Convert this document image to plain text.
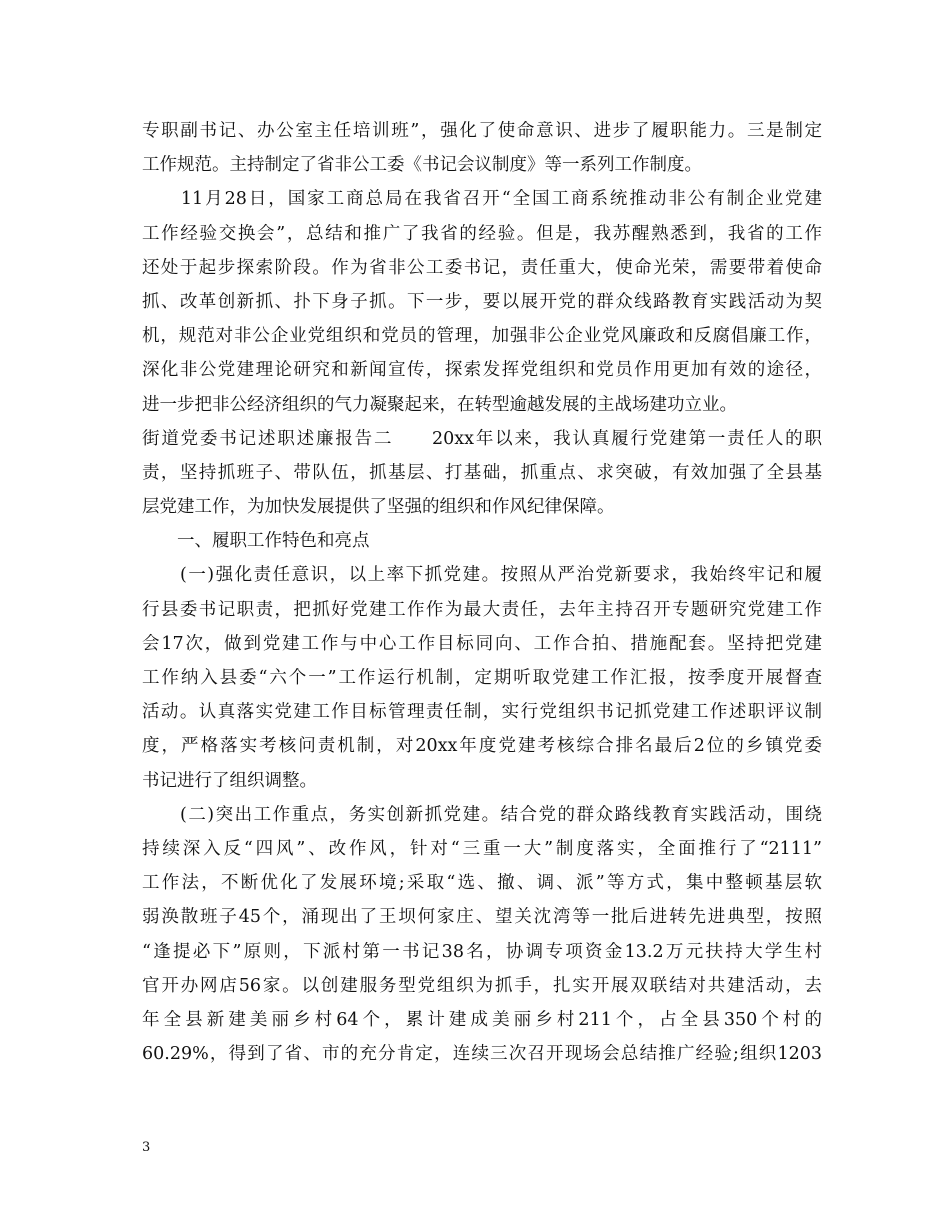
专职副书记、办公室主任培训班”，强化了使命意识、进步了履职能力。三是制定
工作规范。主持制定了省非公工委《书记会议制度》等一系列工作制度。
　　11月28日，国家工商总局在我省召开“全国工商系统推动非公有制企业党建
工作经验交换会”，总结和推广了我省的经验。但是，我苏醒熟悉到，我省的工作
还处于起步探索阶段。作为省非公工委书记，责任重大，使命光荣，需要带着使命
抓、改革创新抓、扑下身子抓。下一步，要以展开党的群众线路教育实践活动为契
机，规范对非公企业党组织和党员的管理，加强非公企业党风廉政和反腐倡廉工作，
深化非公党建理论研究和新闻宣传，探索发挥党组织和党员作用更加有效的途径，
进一步把非公经济组织的气力凝聚起来，在转型逾越发展的主战场建功立业。
街道党委书记述职述廉报告二　　20xx年以来，我认真履行党建第一责任人的职
责，坚持抓班子、带队伍，抓基层、打基础，抓重点、求突破，有效加强了全县基
层党建工作，为加快发展提供了坚强的组织和作风纪律保障。
　　一、履职工作特色和亮点
　　(一)强化责任意识，以上率下抓党建。按照从严治党新要求，我始终牢记和履
行县委书记职责，把抓好党建工作作为最大责任，去年主持召开专题研究党建工作
会17次，做到党建工作与中心工作目标同向、工作合拍、措施配套。坚持把党建
工作纳入县委“六个一”工作运行机制，定期听取党建工作汇报，按季度开展督查
活动。认真落实党建工作目标管理责任制，实行党组织书记抓党建工作述职评议制
度，严格落实考核问责机制，对20xx年度党建考核综合排名最后2位的乡镇党委
书记进行了组织调整。
　　(二)突出工作重点，务实创新抓党建。结合党的群众路线教育实践活动，围绕
持续深入反“四风”、改作风，针对“三重一大”制度落实，全面推行了“2111”
工作法，不断优化了发展环境;采取“选、撤、调、派”等方式，集中整顿基层软
弱涣散班子45个，涌现出了王坝何家庄、望关沈湾等一批后进转先进典型，按照
“逢提必下”原则，下派村第一书记38名，协调专项资金13.2万元扶持大学生村
官开办网店56家。以创建服务型党组织为抓手，扎实开展双联结对共建活动，去
年全县新建美丽乡村64个，累计建成美丽乡村211个，占全县350个村的
60.29%，得到了省、市的充分肯定，连续三次召开现场会总结推广经验;组织1203
3
